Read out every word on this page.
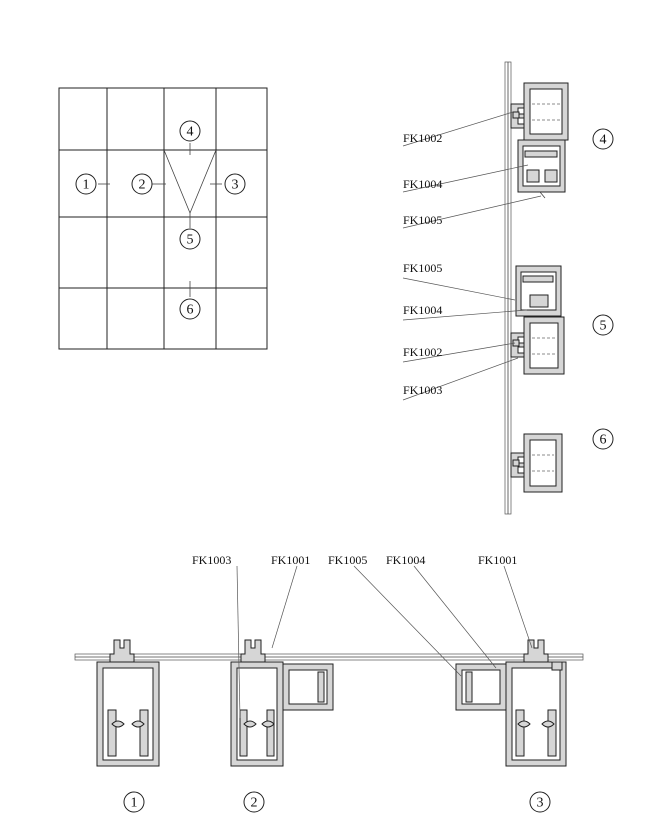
1	2	3
4
5
6
FK1002
FK1004
FK1005
FK1005
FK1004
FK1002
FK1003
4
5
6
FK1003	FK1001 FK1005 FK1004	FK1001
1	2	3
